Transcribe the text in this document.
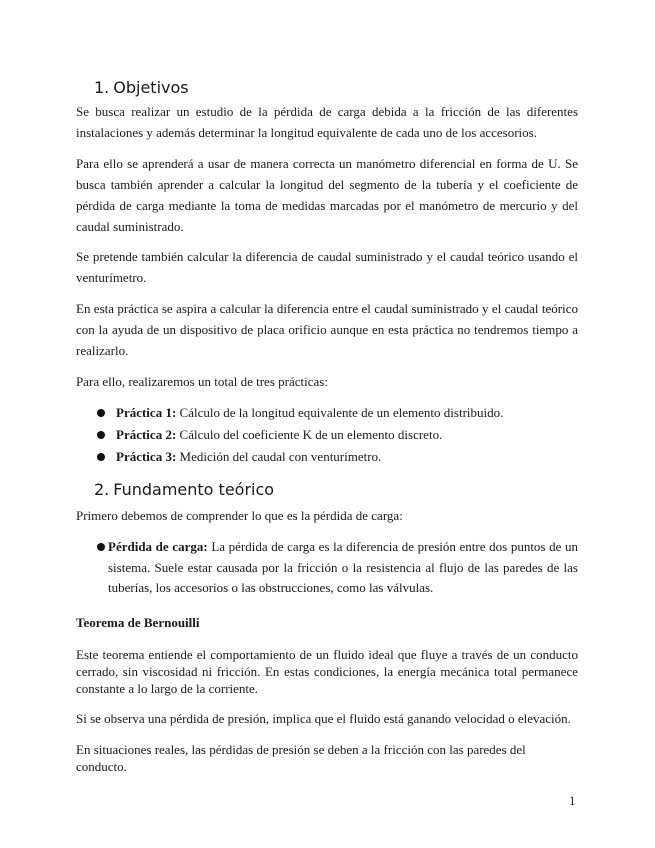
1. Objetivos

Se busca realizar un estudio de la pérdida de carga debida a la fricción de las diferentes instalaciones y además determinar la longitud equivalente de cada uno de los accesorios.

Para ello se aprenderá a usar de manera correcta un manómetro diferencial en forma de U. Se busca también aprender a calcular la longitud del segmento de la tubería y el coeficiente de pérdida de carga mediante la toma de medidas marcadas por el manómetro de mercurio y del caudal suministrado.

Se pretende también calcular la diferencia de caudal suministrado y el caudal teórico usando el venturímetro.

En esta práctica se aspira a calcular la diferencia entre el caudal suministrado y el caudal teórico con la ayuda de un dispositivo de placa orificio aunque en esta práctica no tendremos tiempo a realizarlo.

Para ello, realizaremos un total de tres prácticas:

Práctica 1: Cálculo de la longitud equivalente de un elemento distribuido.
Práctica 2: Cálculo del coeficiente K de un elemento discreto.
Práctica 3: Medición del caudal con venturímetro.
2. Fundamento teórico

Primero debemos de comprender lo que es la pérdida de carga:

Pérdida de carga: La pérdida de carga es la diferencia de presión entre dos puntos de un sistema. Suele estar causada por la fricción o la resistencia al flujo de las paredes de las tuberías, los accesorios o las obstrucciones, como las válvulas.

Teorema de Bernouilli

Este teorema entiende el comportamiento de un fluido ideal que fluye a través de un conducto cerrado, sin viscosidad ni fricción. En estas condiciones, la energía mecánica total permanece constante a lo largo de la corriente.

Si se observa una pérdida de presión, implica que el fluido está ganando velocidad o elevación.

En situaciones reales, las pérdidas de presión se deben a la fricción con las paredes del conducto.

1
